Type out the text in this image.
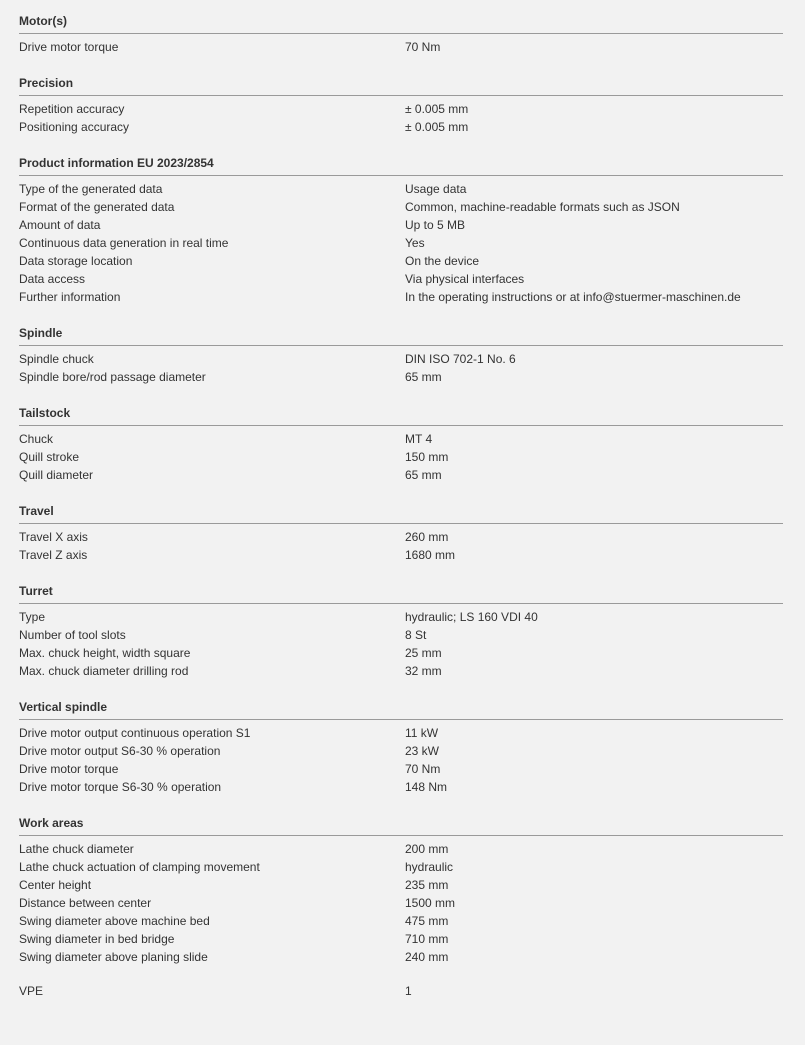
Motor(s)
Drive motor torque	70 Nm
Precision
Repetition accuracy	± 0.005 mm
Positioning accuracy	± 0.005 mm
Product information EU 2023/2854
Type of the generated data	Usage data
Format of the generated data	Common, machine-readable formats such as JSON
Amount of data	Up to 5 MB
Continuous data generation in real time	Yes
Data storage location	On the device
Data access	Via physical interfaces
Further information	In the operating instructions or at info@stuermer-maschinen.de
Spindle
Spindle chuck	DIN ISO 702-1 No. 6
Spindle bore/rod passage diameter	65 mm
Tailstock
Chuck	MT 4
Quill stroke	150 mm
Quill diameter	65 mm
Travel
Travel X axis	260 mm
Travel Z axis	1680 mm
Turret
Type	hydraulic; LS 160 VDI 40
Number of tool slots	8 St
Max. chuck height, width square	25 mm
Max. chuck diameter drilling rod	32 mm
Vertical spindle
Drive motor output continuous operation S1	11 kW
Drive motor output S6-30 % operation	23 kW
Drive motor torque	70 Nm
Drive motor torque S6-30 % operation	148 Nm
Work areas
Lathe chuck diameter	200 mm
Lathe chuck actuation of clamping movement	hydraulic
Center height	235 mm
Distance between center	1500 mm
Swing diameter above machine bed	475 mm
Swing diameter in bed bridge	710 mm
Swing diameter above planing slide	240 mm
VPE	1
